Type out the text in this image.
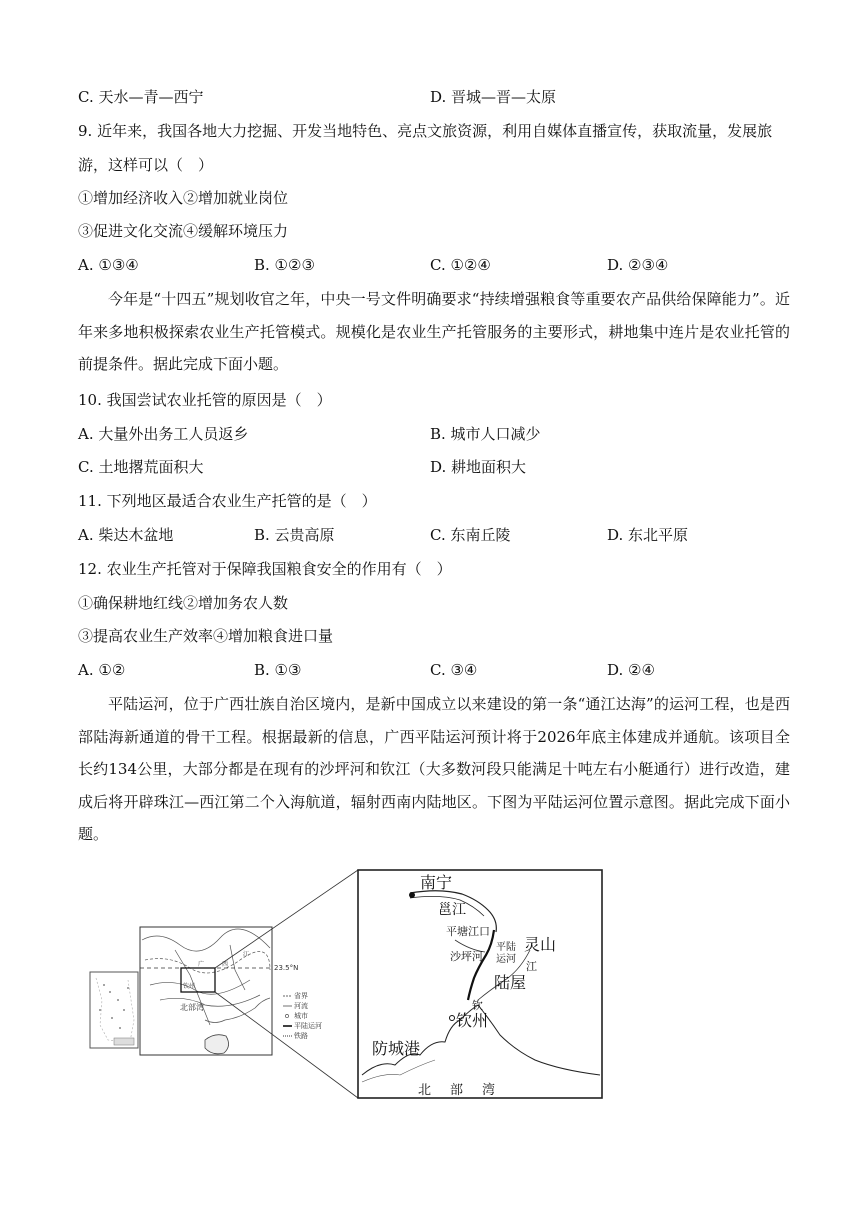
C. 天水—青—西宁	D. 晋城—晋—太原
9. 近年来，我国各地大力挖掘、开发当地特色、亮点文旅资源，利用自媒体直播宣传，获取流量，发展旅
游，这样可以（　）
①增加经济收入②增加就业岗位
③促进文化交流④缓解环境压力
A. ①③④	B. ①②③	C. ①②④	D. ②③④
今年是“十四五”规划收官之年，中央一号文件明确要求“持续增强粮食等重要农产品供给保障能力”。近年来多地积极探索农业生产托管模式。规模化是农业生产托管服务的主要形式，耕地集中连片是农业托管的前提条件。据此完成下面小题。
10. 我国尝试农业托管的原因是（　）
A. 大量外出务工人员返乡	B. 城市人口减少
C. 土地撂荒面积大	D. 耕地面积大
11. 下列地区最适合农业生产托管的是（　）
A. 柴达木盆地	B. 云贵高原	C. 东南丘陵	D. 东北平原
12. 农业生产托管对于保障我国粮食安全的作用有（　）
①确保耕地红线②增加务农人数
③提高农业生产效率④增加粮食进口量
A. ①②	B. ①③	C. ③④	D. ②④
平陆运河，位于广西壮族自治区境内，是新中国成立以来建设的第一条“通江达海”的运河工程，也是西部陆海新通道的骨干工程。根据最新的信息，广西平陆运河预计将于2026年底主体建成并通航。该项目全长约134公里，大部分都是在现有的沙坪河和钦江（大多数河段只能满足十吨左右小艇通行）进行改造，建成后将开辟珠江—西江第二个入海航道，辐射西南内陆地区。下图为平陆运河位置示意图。据此完成下面小题。
23.5°N
北部湾
广	西
江
钦州
省界
河流
城市
平陆运河
铁路
南宁
邕江
平塘江口
平陆
运河
沙坪河
灵山
江
陆屋
钦
钦州
防城港
北 部 湾
